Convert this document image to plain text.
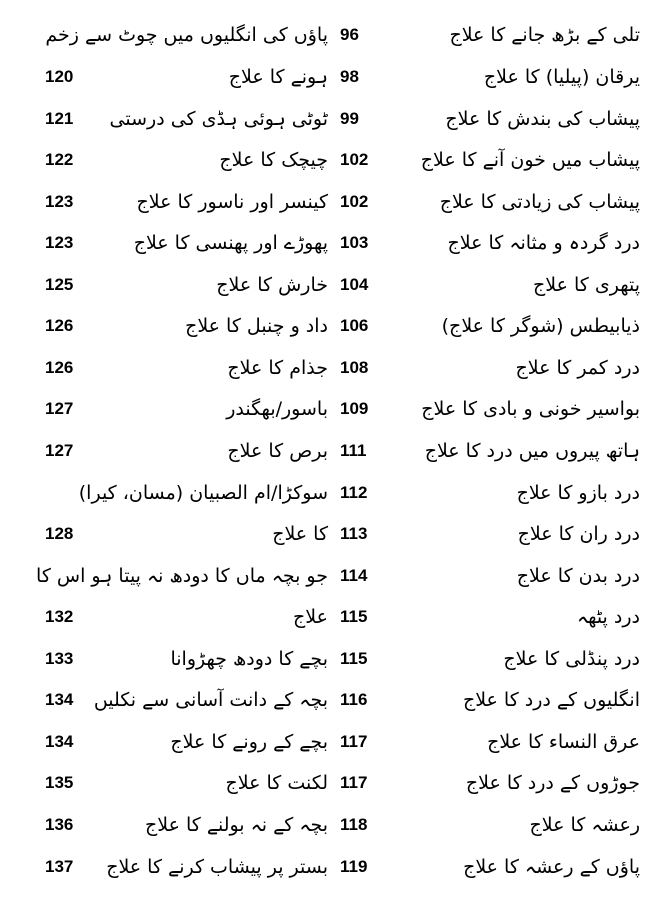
تلی کے بڑھ جانے کا علاج
96
پاؤں کی انگلیوں میں چوٹ سے زخم
یرقان (پیلیا) کا علاج
98
ہونے کا علاج
120
پیشاب کی بندش کا علاج
99
ٹوٹی ہوئی ہڈی کی درستی
121
پیشاب میں خون آنے کا علاج
102
چیچک کا علاج
122
پیشاب کی زیادتی کا علاج
102
کینسر اور ناسور کا علاج
123
درد گردہ و مثانہ کا علاج
103
پھوڑے اور پھنسی کا علاج
123
پتھری کا علاج
104
خارش کا علاج
125
ذیابیطس (شوگر کا علاج)
106
داد و چنبل کا علاج
126
درد کمر کا علاج
108
جذام کا علاج
126
بواسیر خونی و بادی کا علاج
109
باسور/بھگندر
127
ہاتھ پیروں میں درد کا علاج
111
برص کا علاج
127
درد بازو کا علاج
112
سوکڑا/ام الصبیان (مسان، کیرا)
درد ران کا علاج
113
کا علاج
128
درد بدن کا علاج
114
جو بچہ ماں کا دودھ نہ پیتا ہو اس کا
درد پٹھہ
115
علاج
132
درد پنڈلی کا علاج
115
بچے کا دودھ چھڑوانا
133
انگلیوں کے درد کا علاج
116
بچہ کے دانت آسانی سے نکلیں
134
عرق النساء کا علاج
117
بچے کے رونے کا علاج
134
جوڑوں کے درد کا علاج
117
لکنت کا علاج
135
رعشہ کا علاج
118
بچہ کے نہ بولنے کا علاج
136
پاؤں کے رعشہ کا علاج
119
بستر پر پیشاب کرنے کا علاج
137
